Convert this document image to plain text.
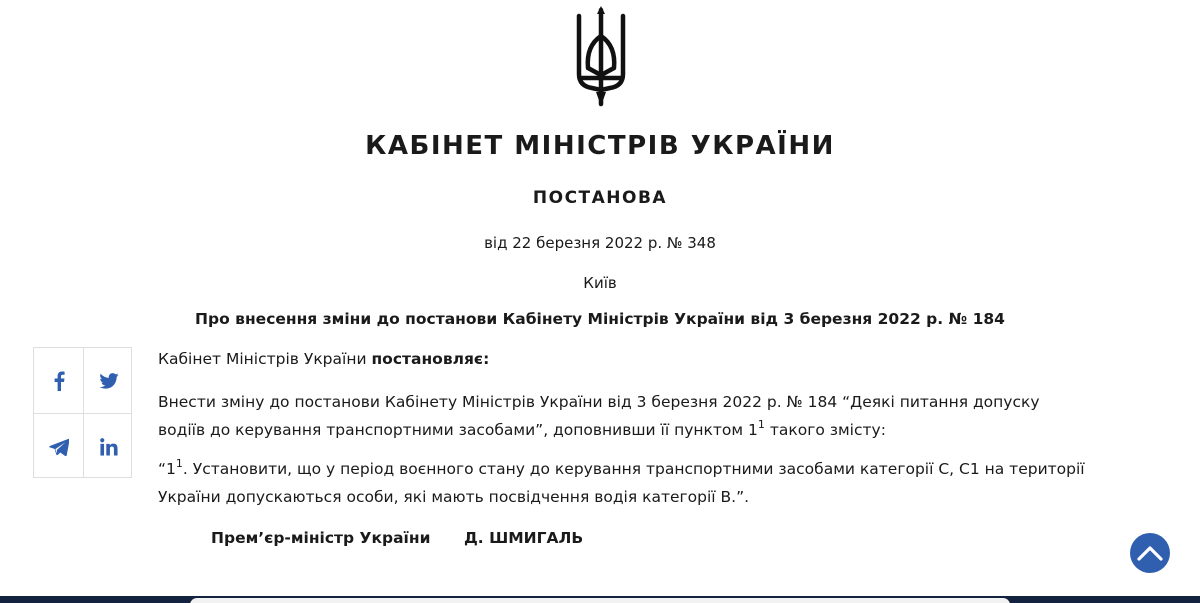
КАБІНЕТ МІНІСТРІВ УКРАЇНИ
ПОСТАНОВА
від 22 березня 2022 р. № 348
Київ
Про внесення зміни до постанови Кабінету Міністрів України від 3 березня 2022 р. № 184
Кабінет Міністрів України постановляє:
Внести зміну до постанови Кабінету Міністрів України від 3 березня 2022 р. № 184 “Деякі питання допуску водіїв до керування транспортними засобами”, доповнивши її пунктом $1^1$ такого змісту:
“$1^1$. Установити, що у період воєнного стану до керування транспортними засобами категорії C, C1 на території України допускаються особи, які мають посвідчення водія категорії B.”.
Прем’єр-міністр України Д. ШМИГАЛЬ
